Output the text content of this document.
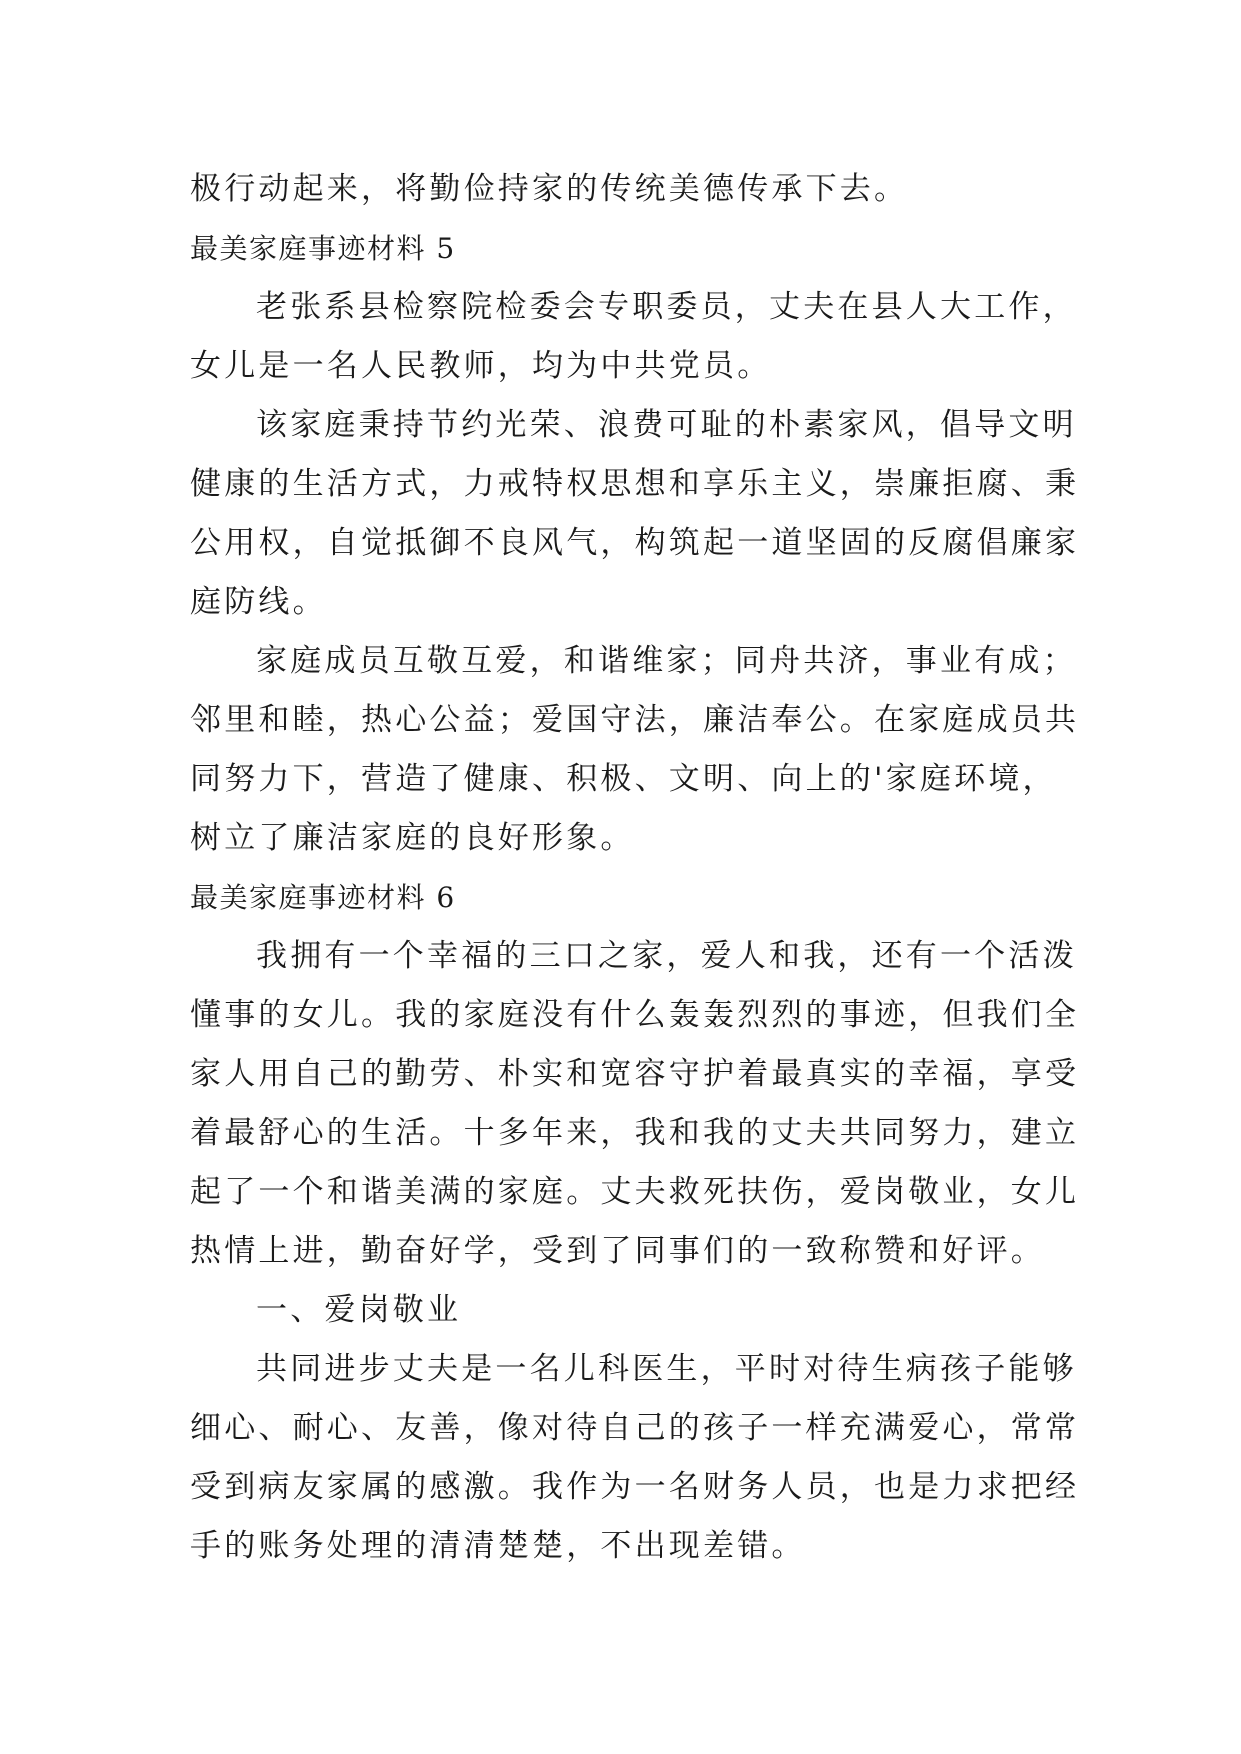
极行动起来，将勤俭持家的传统美德传承下去。
最美家庭事迹材料 5
老张系县检察院检委会专职委员，丈夫在县人大工作，
女儿是一名人民教师，均为中共党员。
该家庭秉持节约光荣、浪费可耻的朴素家风，倡导文明
健康的生活方式，力戒特权思想和享乐主义，崇廉拒腐、秉
公用权，自觉抵御不良风气，构筑起一道坚固的反腐倡廉家
庭防线。
家庭成员互敬互爱，和谐维家；同舟共济，事业有成；
邻里和睦，热心公益；爱国守法，廉洁奉公。在家庭成员共
同努力下，营造了健康、积极、文明、向上的'家庭环境，
树立了廉洁家庭的良好形象。
最美家庭事迹材料 6
我拥有一个幸福的三口之家，爱人和我，还有一个活泼
懂事的女儿。我的家庭没有什么轰轰烈烈的事迹，但我们全
家人用自己的勤劳、朴实和宽容守护着最真实的幸福，享受
着最舒心的生活。十多年来，我和我的丈夫共同努力，建立
起了一个和谐美满的家庭。丈夫救死扶伤，爱岗敬业，女儿
热情上进，勤奋好学，受到了同事们的一致称赞和好评。
一、爱岗敬业
共同进步丈夫是一名儿科医生，平时对待生病孩子能够
细心、耐心、友善，像对待自己的孩子一样充满爱心，常常
受到病友家属的感激。我作为一名财务人员，也是力求把经
手的账务处理的清清楚楚，不出现差错。
